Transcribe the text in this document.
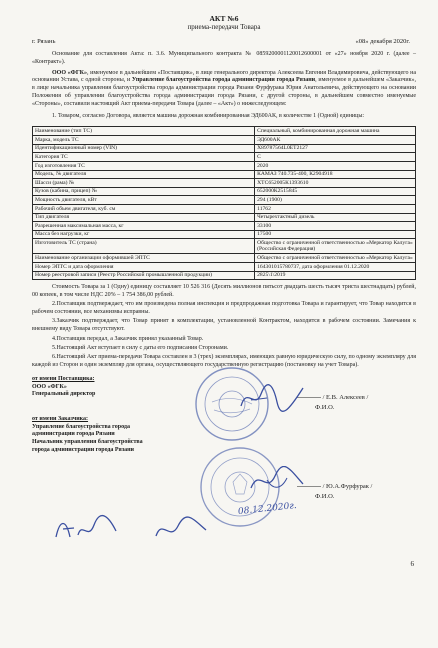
АКТ №6
приема-передачи Товара
г. Рязань	«08» декабря 2020г.

Основание для составления Акта: п. 3.6. Муниципального контракта № 0859200001120012600001 от «27» ноября 2020 г. (далее – «Контракт»).

ООО «ФГК», именуемое в дальнейшем «Поставщик», в лице генерального директора Алексеева Евгения Владимировича, действующего на основании Устава, с одной стороны, и Управление благоустройства города администрации города Рязани, именуемое в дальнейшем «Заказчик», в лице начальника управления благоустройства города администрации города Рязани Фурфурака Юрия Анатольевича, действующего на основании Положения об управлении благоустройства города администрации города Рязани, с другой стороны, в дальнейшем совместно именуемые «Стороны», составили настоящий Акт приема-передачи Товара (далее – «Акт») о нижеследующем:

1. Товаром, согласно Договора, является машина дорожная комбинированная ЭД600АК, в количестве 1 (Одной) единицы:

Наименование (тип ТС)	Специальный, комбинированная дорожная машина
Марка, модель ТС	ЭД600АК
Идентификационный номер (VIN)	X89787564L0ET2127
Категория ТС	С
Год изготовления ТС	2020
Модель, № двигателя	КАМАЗ 740.735-400, К2904918
Шасси (рама) №	ХТС652005К1393610
Кузов (кабина, прицеп) №	652000К2515845
Мощность двигателя, кВт	294 (1900)
Рабочий объем двигателя, куб. см	11762
Тип двигателя	Четырехтактный дизель
Разрешенная максимальная масса, кг	33100
Масса без нагрузки, кг	17500
Изготовитель ТС (страна)	Общество с ограниченной ответственностью «Меркатор Калуга» (Российская Федерация)
Наименование организации оформившей ЭПТС	Общество с ограниченной ответственностью «Меркатор Калуга»
Номер ЭПТС и дата оформления	164301015780737, дата оформления 01.12.2020
Номер реестровой записи (Реестр Российской промышленной продукции)	2825\1\2019

Стоимость Товара за 1 (Одну) единицу составляет 10 526 316 (Десять миллионов пятьсот двадцать шесть тысяч триста шестнадцать) рублей, 00 копеек, в том числе НДС 20% – 1 754 386,00 рублей.

2.Поставщик подтверждает, что им произведена полная инспекция и предпродажная подготовка Товара и гарантирует, что Товар находится в рабочем состоянии, все механизмы исправны.

3.Заказчик подтверждает, что Товар принят в комплектации, установленной Контрактом, находится в рабочем состоянии. Замечания к внешнему виду Товара отсутствуют.

4.Поставщик передал, а Заказчик принял указанный Товар.

5.Настоящий Акт вступает в силу с даты его подписания Сторонами.

6.Настоящий Акт приема-передачи Товара составлен в 3 (трех) экземплярах, имеющих равную юридическую силу, по одному экземпляру для каждой из Сторон и один экземпляр для органа, осуществляющего государственную регистрацию (постановку на учет Товара).

от имени Поставщика:
ООО «ФГК»
Генеральный директор	/ Е.В. Алексеев /
Ф.И.О.
от имени Заказчика:
Управление благоустройства города
администрации города Рязани
Начальник управления благоустройства
города администрации города Рязани
/ Ю.А.Фурфурак /
Ф.И.О.
08.12.2020г.
6
